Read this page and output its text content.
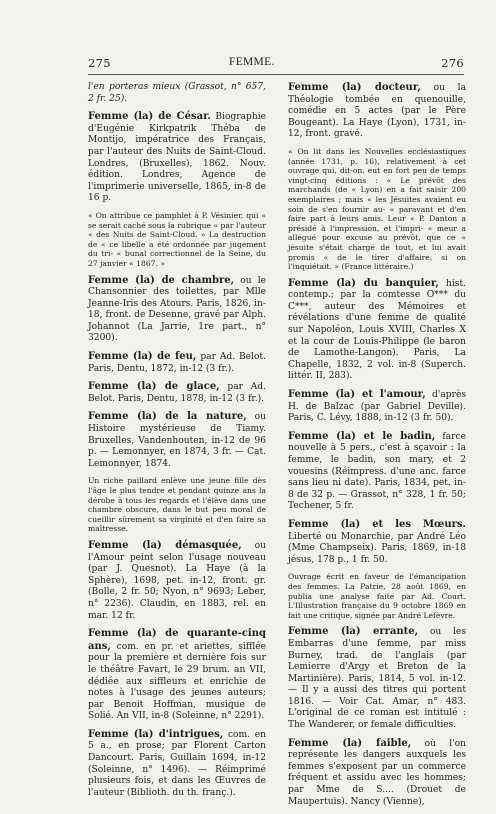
275	FEMME.	276

l'en porteras mieux (Grassot, n° 657, 2 fr. 25).

Femme (la) de César. Biographie d'Eugénie Kirkpatrik Théba de Montijo, impératrice des Français, par l'auteur des Nuits de Saint-Cloud. Londres, (Bruxelles), 1862. Nouv. édition. Londres, Agence de l'imprimerie universelle, 1865, in-8 de 16 p.

« On attribue ce pamphlet à P. Vésinier, qui « se serait caché sous la rubrique « par l'auteur « des Nuits de Saint-Cloud. » La destruction de « ce libelle a été ordonnée par jugement du tri- « bunal correctionnel de la Seine, du 27 janvier « 1867. »

Femme (la) de chambre, ou le Chansonnier des toilettes, par Mlle Jeanne-Iris des Atours. Paris, 1826, in-18, front. de Desenne, gravé par Alph. Johannot (La Jarrie, 1re part., n° 3200).

Femme (la) de feu, par Ad. Belot. Paris, Dentu, 1872, in-12 (3 fr.).

Femme (la) de glace, par Ad. Belot. Paris, Dentu, 1878, in-12 (3 fr.).

Femme (la) de la nature, ou Histoire mystérieuse de Tiamy. Bruxelles, Vandenhouten, in-12 de 96 p. — Lemonnyer, en 1874, 3 fr. — Cat. Lemonnyer, 1874.

Un riche paillard enlève une jeune fille dès l'âge le plus tendre et pendant quinze ans la dérobe à tous les regards et l'élève dans une chambre obscure, dans le but peu moral de cueillir sûrement sa virginité et d'en faire sa maîtresse.

Femme (la) démasquée, ou l'Amour peint selon l'usage nouveau (par J. Quesnot). La Haye (à la Sphère), 1698, pet. in-12, front. gr. (Bolle, 2 fr. 50; Nyon, n° 9693; Leber, n° 2236). Claudin, en 1883, rel. en mar. 12 fr.

Femme (la) de quarante-cinq ans, com. en pr. et ariettes, sifflée pour la première et dernière fois sur le théâtre Favart, le 29 brum. an VII, dédiée aux siffleurs et enrichie de notes à l'usage des jeunes auteurs; par Benoit Hoffman, musique de Solié. An VII, in-8 (Soleinne, n° 2291).

Femme (la) d'intrigues, com. en 5 a., en prose; par Florent Carton Dancourt. Paris, Guillain 1694, in-12 (Soleinne, n° 1496). — Réimprimé plusieurs fois, et dans les Œuvres de l'auteur (Biblioth. du th. franç.).

Femme (la) docteur, ou la Théologie tombée en quenouille, comédie en 5 actes (par le Père Bougeant). La Haye (Lyon), 1731, in-12, front. gravé.

« On lit dans les Nouvelles ecclésiastiques (année 1731, p. 16), relativement à cet ouvrage qui, dit-on, eut en fort peu de temps vingt-cinq éditions : « Le prévôt des marchands (de « Lyon) en a fait saisir 200 exemplaires ; mais « les Jésuites avaient eu soin de s'en fournir au- « paravant et d'en faire part à leurs amis. Leur « P. Danton a présidé à l'impression, et l'impri- « meur a allégué pour excuse au prévôt, que ce « jésuite s'était chargé de tout, et lui avait promis « de le tirer d'affaire, si on l'inquiétait. » (France littéraire.)

Femme (la) du banquier, hist. contemp.; par la comtesse O*** du C***, auteur des Mémoires et révélations d'une femme de qualité sur Napoléon, Louis XVIII, Charles X et la cour de Louis-Philippe (le baron de Lamothe-Langon). Paris, La Chapelle, 1832, 2 vol. in-8 (Superch. littér. II, 283).

Femme (la) et l'amour, d'après H. de Balzac (par Gabriel Deville). Paris, C. Lévy, 1888, in-12 (3 fr. 50).

Femme (la) et le badin, farce nouvelle à 5 pers., c'est à sçavoir : la femme, le badin, son mary, et 2 vouesins (Réimpress. d'une anc. farce sans lieu ni date). Paris, 1834, pet. in-8 de 32 p. — Grassot, n° 328, 1 fr. 50; Techener, 5 fr.

Femme (la) et les Mœurs. Liberté ou Monarchie, par André Léo (Mme Champseix). Paris, 1869, in-18 jésus, 178 p., 1 fr. 50.

Ouvrage écrit en faveur de l'émancipation des femmes. La Patrie, 28 août 1869, en publia une analyse faite par Ad. Court. L'Illustration française du 9 octobre 1869 en fait une critique, signée par André Lefèvre.

Femme (la) errante, ou les Embarras d'une femme, par miss Burney, trad. de l'anglais (par Lemierre d'Argy et Breton de la Martinière). Paris, 1814, 5 vol. in-12. — Il y a aussi des titres qui portent 1816. — Voir Cat. Amar, n° 483. L'original de ce roman est intitulé : The Wanderer, or female difficulties.

Femme (la) faible, où l'on représente les dangers auxquels les femmes s'exposent par un commerce fréquent et assidu avec les hommes; par Mme de S.... (Drouet de Maupertuis). Nancy (Vienne),
